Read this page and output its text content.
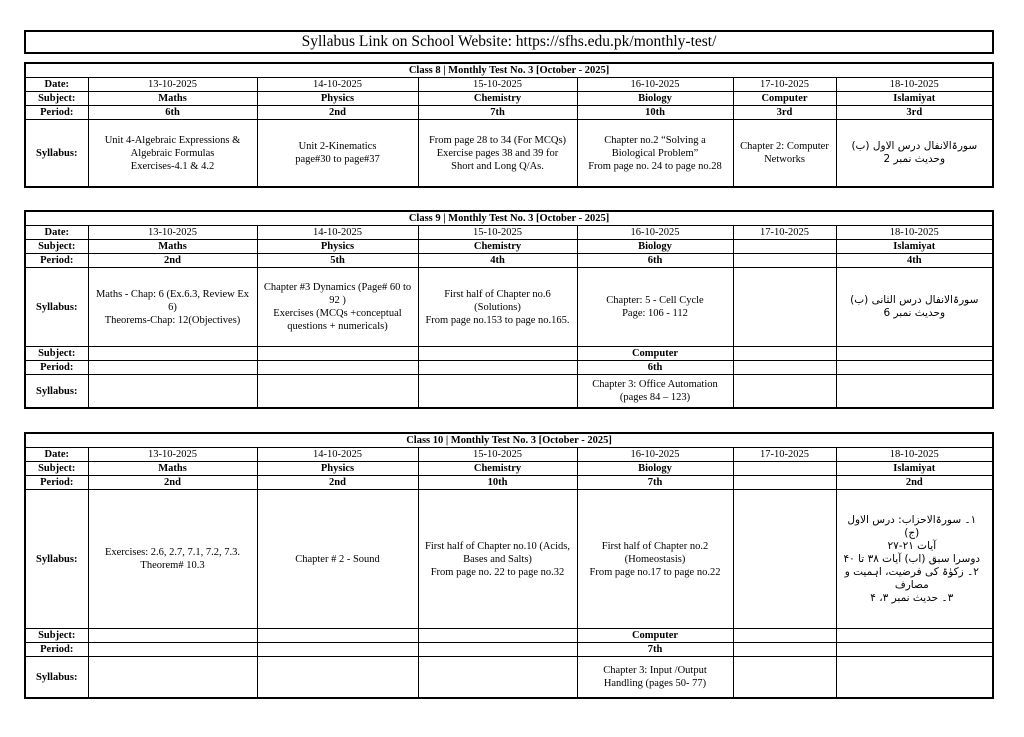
Syllabus Link on School Website: https://sfhs.edu.pk/monthly-test/
Class 8 | Monthly Test No. 3 [October - 2025]						
Date:	13-10-2025	14-10-2025	15-10-2025	16-10-2025	17-10-2025	18-10-2025
Subject:	Maths	Physics	Chemistry	Biology	Computer	Islamiyat
Period:	6th	2nd	7th	10th	3rd	3rd
Syllabus:	Unit 4-Algebraic Expressions &
Algebraic Formulas
Exercises-4.1 & 4.2	Unit 2-Kinematics
page#30 to page#37	From page 28 to 34 (For MCQs)
Exercise pages 38 and 39 for
Short and Long Q/As.	Chapter no.2 “Solving a
Biological Problem”
From page no. 24 to page no.28	Chapter 2: Computer
Networks	سورۃالانفال درس الاول (ب) وحدیث نمبر 2
Class 9 | Monthly Test No. 3 [October - 2025]						
Date:	13-10-2025	14-10-2025	15-10-2025	16-10-2025	17-10-2025	18-10-2025
Subject:	Maths	Physics	Chemistry	Biology		Islamiyat
Period:	2nd	5th	4th	6th		4th
Syllabus:	Maths - Chap: 6 (Ex.6.3, Review Ex
6)
Theorems-Chap: 12(Objectives)	Chapter #3 Dynamics (Page# 60 to
92 )
Exercises (MCQs +conceptual
questions + numericals)	First half of Chapter no.6
(Solutions)
From page no.153 to page no.165.	Chapter: 5 - Cell Cycle
Page: 106 - 112		سورۃالانفال درس الثانی (ب) وحدیث نمبر 6

Subject:				Computer		
Period:				6th		
Syllabus:				Chapter 3: Office Automation
(pages 84 – 123)		

Class 10 | Monthly Test No. 3 [October - 2025]						
Date:	13-10-2025	14-10-2025	15-10-2025	16-10-2025	17-10-2025	18-10-2025
Subject:	Maths	Physics	Chemistry	Biology		Islamiyat
Period:	2nd	2nd	10th	7th		2nd
Syllabus:	Exercises: 2.6, 2.7, 7.1, 7.2, 7.3.
Theorem# 10.3	Chapter # 2 - Sound	First half of Chapter no.10 (Acids,
Bases and Salts)
From page no. 22 to page no.32	First half of Chapter no.2
(Homeostasis)
From page no.17 to page no.22		۱۔ سورۃالاحزاب: درس الاول (ج)
آیات ۲۱-۲۷
دوسرا سبق (اب) آیات ۳۸ تا ۴۰
۲۔ زکوٰۃ کی فرضیت، اہمیت و مصارف
۳۔ حدیث نمبر ۳، ۴

Subject:				Computer		
Period:				7th		
Syllabus:				Chapter 3: Input /Output
Handling (pages 50- 77)		
